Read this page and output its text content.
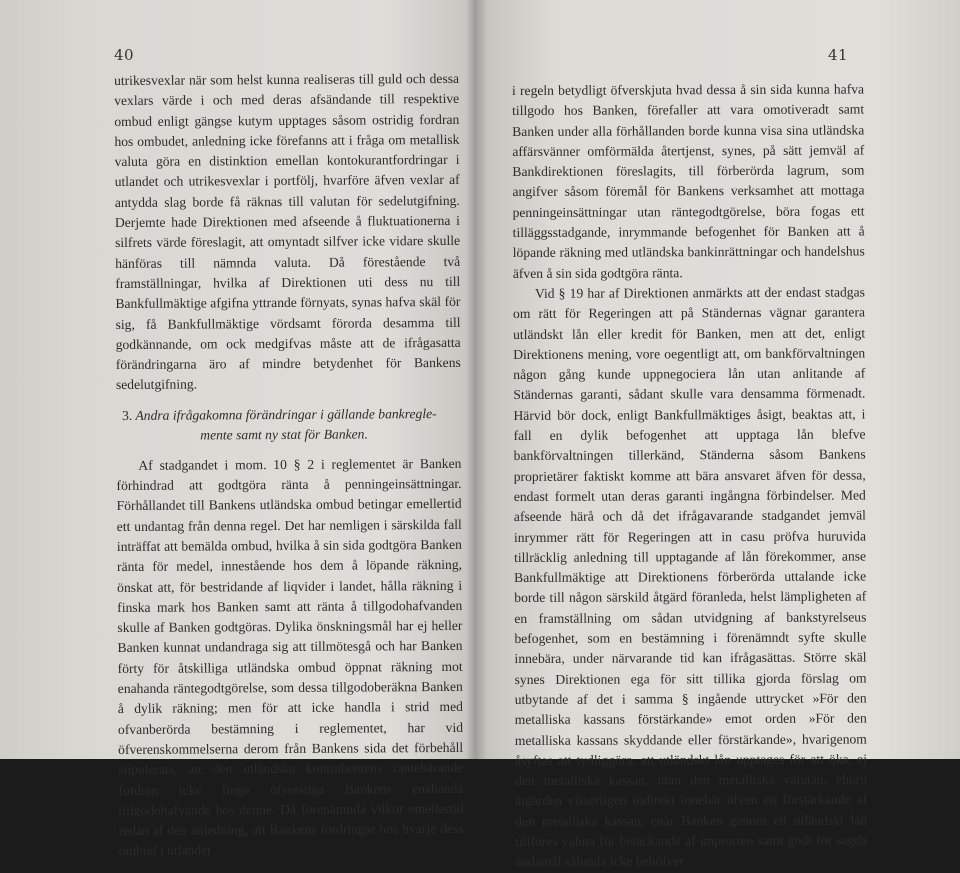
40

utrikesvexlar när som helst kunna realiseras till guld och dessa vexlars värde i och med deras afsändande till respektive ombud enligt gängse kutym upptages såsom ostridig fordran hos ombudet, anledning icke förefanns att i fråga om metallisk valuta göra en distinktion emellan kontokurantfordringar i utlandet och utrikesvexlar i portfölj, hvarföre äfven vexlar af antydda slag borde få räknas till valutan för sedelutgifning. Derjemte hade Direktionen med afseende å fluktuationerna i silfrets värde föreslagit, att omyntadt silfver icke vidare skulle hänföras till nämnda valuta. Då förestående två framställningar, hvilka af Direktionen uti dess nu till Bankfullmäktige afgifna yttrande förnyats, synas hafva skäl för sig, få Bankfullmäktige vördsamt förorda desamma till godkännande, om ock medgifvas måste att de ifrågasatta förändringarna äro af mindre betydenhet för Bankens sedelutgifning.

3. Andra ifrågakomna förändringar i gällande bankregle-
mente samt ny stat för Banken.

Af stadgandet i mom. 10 § 2 i reglementet är Banken förhindrad att godtgöra ränta å penningeinsättningar. Förhållandet till Bankens utländska ombud betingar emellertid ett undantag från denna regel. Det har nemligen i särskilda fall inträffat att bemälda ombud, hvilka å sin sida godtgöra Banken ränta för medel, innestående hos dem å löpande räkning, önskat att, för bestridande af liqvider i landet, hålla räkning i finska mark hos Banken samt att ränta å tillgodohafvanden skulle af Banken godtgöras. Dylika önskningsmål har ej heller Banken kunnat undandraga sig att tillmötesgå och har Banken förty för åtskilliga utländska ombud öppnat räkning mot enahanda räntegodtgörelse, som dessa tillgodoberäkna Banken å dylik räkning; men för att icke handla i strid med ofvanberörda bestämning i reglementet, har vid öfverenskommelserna derom från Bankens sida det förbehåll stipulerats, att den utländska kontrahentens räntebärande fordran icke finge öfverstiga Bankens enahanda tillgodohafvande hos denne. Då förenämnda vilkor emellertid redan af den anledning, att Bankens fordringar hos hvarje dess ombud i utlandet

41

i regeln betydligt öfverskjuta hvad dessa å sin sida kunna hafva tillgodo hos Banken, förefaller att vara omotiveradt samt Banken under alla förhållanden borde kunna visa sina utländska affärsvänner omförmälda återtjenst, synes, på sätt jemväl af Bankdirektionen föreslagits, till förberörda lagrum, som angifver såsom föremål för Bankens verksamhet att mottaga penningeinsättningar utan räntegodtgörelse, böra fogas ett tilläggsstadgande, inrymmande befogenhet för Banken att å löpande räkning med utländska bankinrättningar och handelshus äfven å sin sida godtgöra ränta.

Vid § 19 har af Direktionen anmärkts att der endast stadgas om rätt för Regeringen att på Ständernas vägnar garantera utländskt lån eller kredit för Banken, men att det, enligt Direktionens mening, vore oegentligt att, om bankförvaltningen någon gång kunde uppnegociera lån utan anlitande af Ständernas garanti, sådant skulle vara densamma förmenadt. Härvid bör dock, enligt Bankfullmäktiges åsigt, beaktas att, i fall en dylik befogenhet att upptaga lån blefve bankförvaltningen tillerkänd, Ständerna såsom Bankens proprietärer faktiskt komme att bära ansvaret äfven för dessa, endast formelt utan deras garanti ingångna förbindelser. Med afseende härå och då det ifrågavarande stadgandet jemväl inrymmer rätt för Regeringen att in casu pröfva huruvida tillräcklig anledning till upptagande af lån förekommer, anse Bankfullmäktige att Direktionens förberörda uttalande icke borde till någon särskild åtgärd föranleda, helst lämpligheten af en framställning om sådan utvidgning af bankstyrelseus befogenhet, som en bestämning i förenämndt syfte skulle innebära, under närvarande tid kan ifrågasättas. Större skäl synes Direktionen ega för sitt tillika gjorda förslag om utbytande af det i samma § ingående uttrycket »För den metalliska kassans förstärkande» emot orden »För den metalliska kassans skyddande eller förstärkande», hvarigenom åsyftas att tydliggöra, att utländskt lån upptages för att öka, ej den metalliska kassan, utan den metalliska valutan, ehuru åtgärden visserligen indirekt innebär äfven ett förstärkande af den metalliska kassan, enär Banken genom ett utländskt lån tillföres valuta för betäckande af improrten samt godt för sagda ändamål sålunda icke behöfver
